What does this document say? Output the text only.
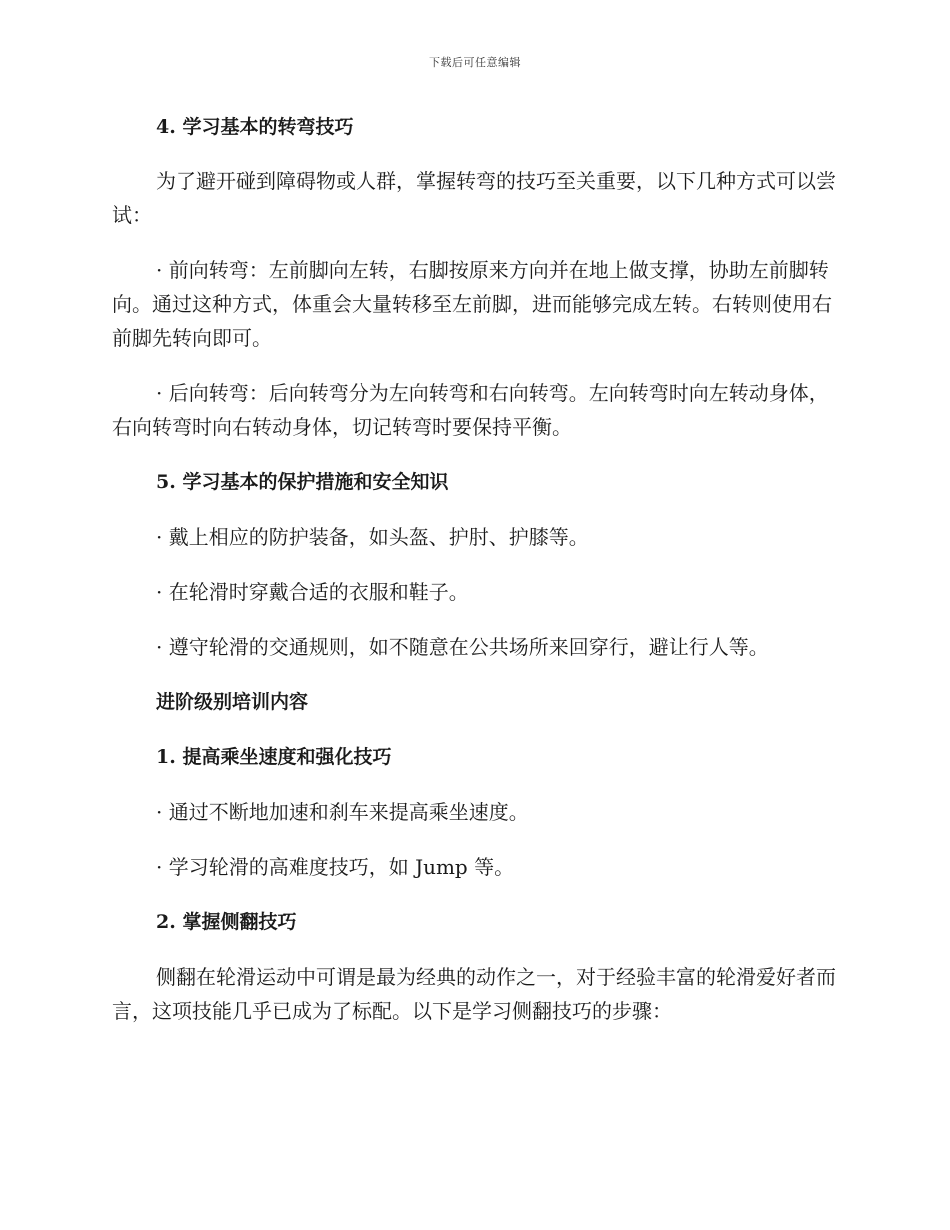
下载后可任意编辑
4. 学习基本的转弯技巧

为了避开碰到障碍物或人群，掌握转弯的技巧至关重要，以下几种方式可以尝试：

· 前向转弯：左前脚向左转，右脚按原来方向并在地上做支撑，协助左前脚转向。通过这种方式，体重会大量转移至左前脚，进而能够完成左转。右转则使用右前脚先转向即可。

· 后向转弯：后向转弯分为左向转弯和右向转弯。左向转弯时向左转动身体，右向转弯时向右转动身体，切记转弯时要保持平衡。

5. 学习基本的保护措施和安全知识

· 戴上相应的防护装备，如头盔、护肘、护膝等。

· 在轮滑时穿戴合适的衣服和鞋子。

· 遵守轮滑的交通规则，如不随意在公共场所来回穿行，避让行人等。

进阶级别培训内容
1. 提高乘坐速度和强化技巧

· 通过不断地加速和刹车来提高乘坐速度。

· 学习轮滑的高难度技巧，如 Jump 等。

2. 掌握侧翻技巧

侧翻在轮滑运动中可谓是最为经典的动作之一，对于经验丰富的轮滑爱好者而言，这项技能几乎已成为了标配。以下是学习侧翻技巧的步骤：
